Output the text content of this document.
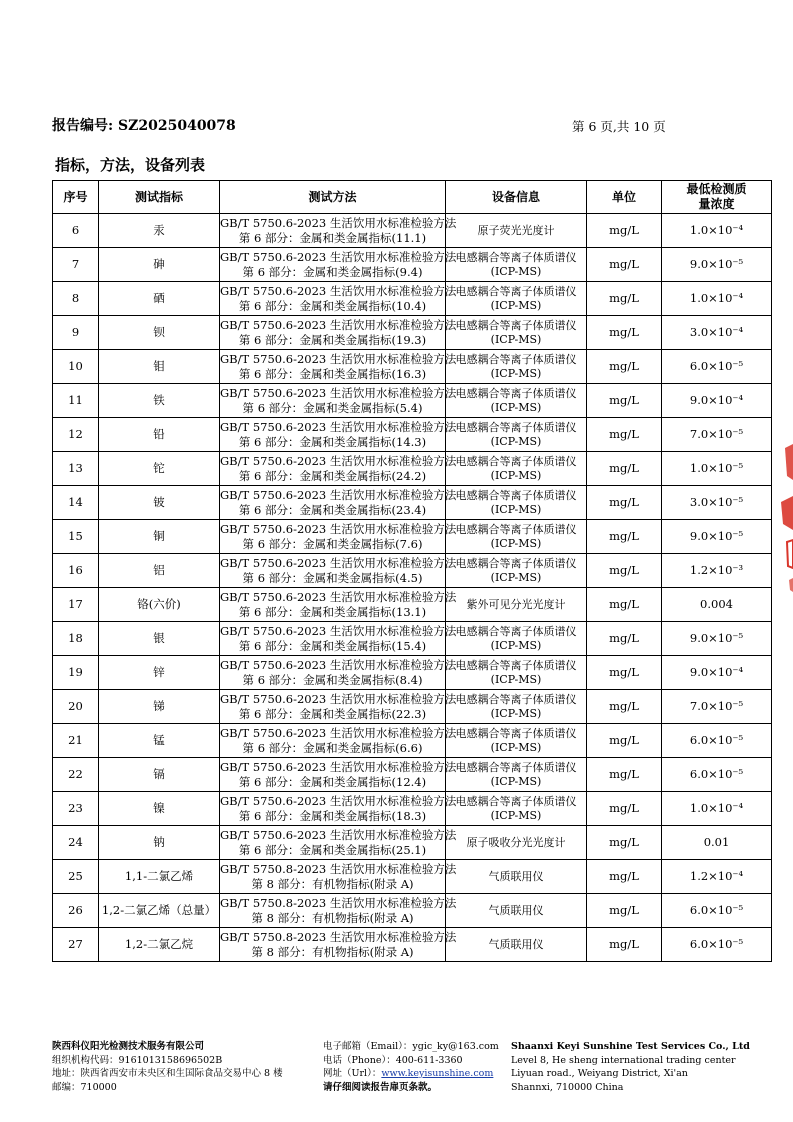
报告编号: SZ2025040078	第 6 页,共 10 页
指标，方法，设备列表
序号	测试指标	测试方法	设备信息	单位	最低检测质量浓度
6	汞	GB/T 5750.6-2023 生活饮用水标准检验方法
第 6 部分：金属和类金属指标(11.1)	原子荧光光度计	mg/L	1.0×10⁻⁴
7	砷	GB/T 5750.6-2023 生活饮用水标准检验方法
第 6 部分：金属和类金属指标(9.4)	电感耦合等离子体质谱仪
(ICP-MS)	mg/L	9.0×10⁻⁵
8	硒	GB/T 5750.6-2023 生活饮用水标准检验方法
第 6 部分：金属和类金属指标(10.4)	电感耦合等离子体质谱仪
(ICP-MS)	mg/L	1.0×10⁻⁴
9	钡	GB/T 5750.6-2023 生活饮用水标准检验方法
第 6 部分：金属和类金属指标(19.3)	电感耦合等离子体质谱仪
(ICP-MS)	mg/L	3.0×10⁻⁴
10	钼	GB/T 5750.6-2023 生活饮用水标准检验方法
第 6 部分：金属和类金属指标(16.3)	电感耦合等离子体质谱仪
(ICP-MS)	mg/L	6.0×10⁻⁵
11	铁	GB/T 5750.6-2023 生活饮用水标准检验方法
第 6 部分：金属和类金属指标(5.4)	电感耦合等离子体质谱仪
(ICP-MS)	mg/L	9.0×10⁻⁴
12	铅	GB/T 5750.6-2023 生活饮用水标准检验方法
第 6 部分：金属和类金属指标(14.3)	电感耦合等离子体质谱仪
(ICP-MS)	mg/L	7.0×10⁻⁵
13	铊	GB/T 5750.6-2023 生活饮用水标准检验方法
第 6 部分：金属和类金属指标(24.2)	电感耦合等离子体质谱仪
(ICP-MS)	mg/L	1.0×10⁻⁵
14	铍	GB/T 5750.6-2023 生活饮用水标准检验方法
第 6 部分：金属和类金属指标(23.4)	电感耦合等离子体质谱仪
(ICP-MS)	mg/L	3.0×10⁻⁵
15	铜	GB/T 5750.6-2023 生活饮用水标准检验方法
第 6 部分：金属和类金属指标(7.6)	电感耦合等离子体质谱仪
(ICP-MS)	mg/L	9.0×10⁻⁵
16	铝	GB/T 5750.6-2023 生活饮用水标准检验方法
第 6 部分：金属和类金属指标(4.5)	电感耦合等离子体质谱仪
(ICP-MS)	mg/L	1.2×10⁻³
17	铬(六价)	GB/T 5750.6-2023 生活饮用水标准检验方法
第 6 部分：金属和类金属指标(13.1)	紫外可见分光光度计	mg/L	0.004
18	银	GB/T 5750.6-2023 生活饮用水标准检验方法
第 6 部分：金属和类金属指标(15.4)	电感耦合等离子体质谱仪
(ICP-MS)	mg/L	9.0×10⁻⁵
19	锌	GB/T 5750.6-2023 生活饮用水标准检验方法
第 6 部分：金属和类金属指标(8.4)	电感耦合等离子体质谱仪
(ICP-MS)	mg/L	9.0×10⁻⁴
20	锑	GB/T 5750.6-2023 生活饮用水标准检验方法
第 6 部分：金属和类金属指标(22.3)	电感耦合等离子体质谱仪
(ICP-MS)	mg/L	7.0×10⁻⁵
21	锰	GB/T 5750.6-2023 生活饮用水标准检验方法
第 6 部分：金属和类金属指标(6.6)	电感耦合等离子体质谱仪
(ICP-MS)	mg/L	6.0×10⁻⁵
22	镉	GB/T 5750.6-2023 生活饮用水标准检验方法
第 6 部分：金属和类金属指标(12.4)	电感耦合等离子体质谱仪
(ICP-MS)	mg/L	6.0×10⁻⁵
23	镍	GB/T 5750.6-2023 生活饮用水标准检验方法
第 6 部分：金属和类金属指标(18.3)	电感耦合等离子体质谱仪
(ICP-MS)	mg/L	1.0×10⁻⁴
24	钠	GB/T 5750.6-2023 生活饮用水标准检验方法
第 6 部分：金属和类金属指标(25.1)	原子吸收分光光度计	mg/L	0.01
25	1,1-二氯乙烯	GB/T 5750.8-2023 生活饮用水标准检验方法
第 8 部分：有机物指标(附录 A)	气质联用仪	mg/L	1.2×10⁻⁴
26	1,2-二氯乙烯（总量）	GB/T 5750.8-2023 生活饮用水标准检验方法
第 8 部分：有机物指标(附录 A)	气质联用仪	mg/L	6.0×10⁻⁵
27	1,2-二氯乙烷	GB/T 5750.8-2023 生活饮用水标准检验方法
第 8 部分：有机物指标(附录 A)	气质联用仪	mg/L	6.0×10⁻⁵
陕西科仪阳光检测技术服务有限公司
组织机构代码：9161013158696502B
地址：陕西省西安市未央区和生国际食品交易中心 8 楼
邮编：710000
电子邮箱（Email）：ygic_ky@163.com
电话（Phone）：400-611-3360
网址（Url）：www.keyisunshine.com
请仔细阅读报告扉页条款。
Shaanxi Keyi Sunshine Test Services Co., Ltd
Level 8, He sheng international trading center
Liyuan road., Weiyang District, Xi'an
Shannxi, 710000 China
